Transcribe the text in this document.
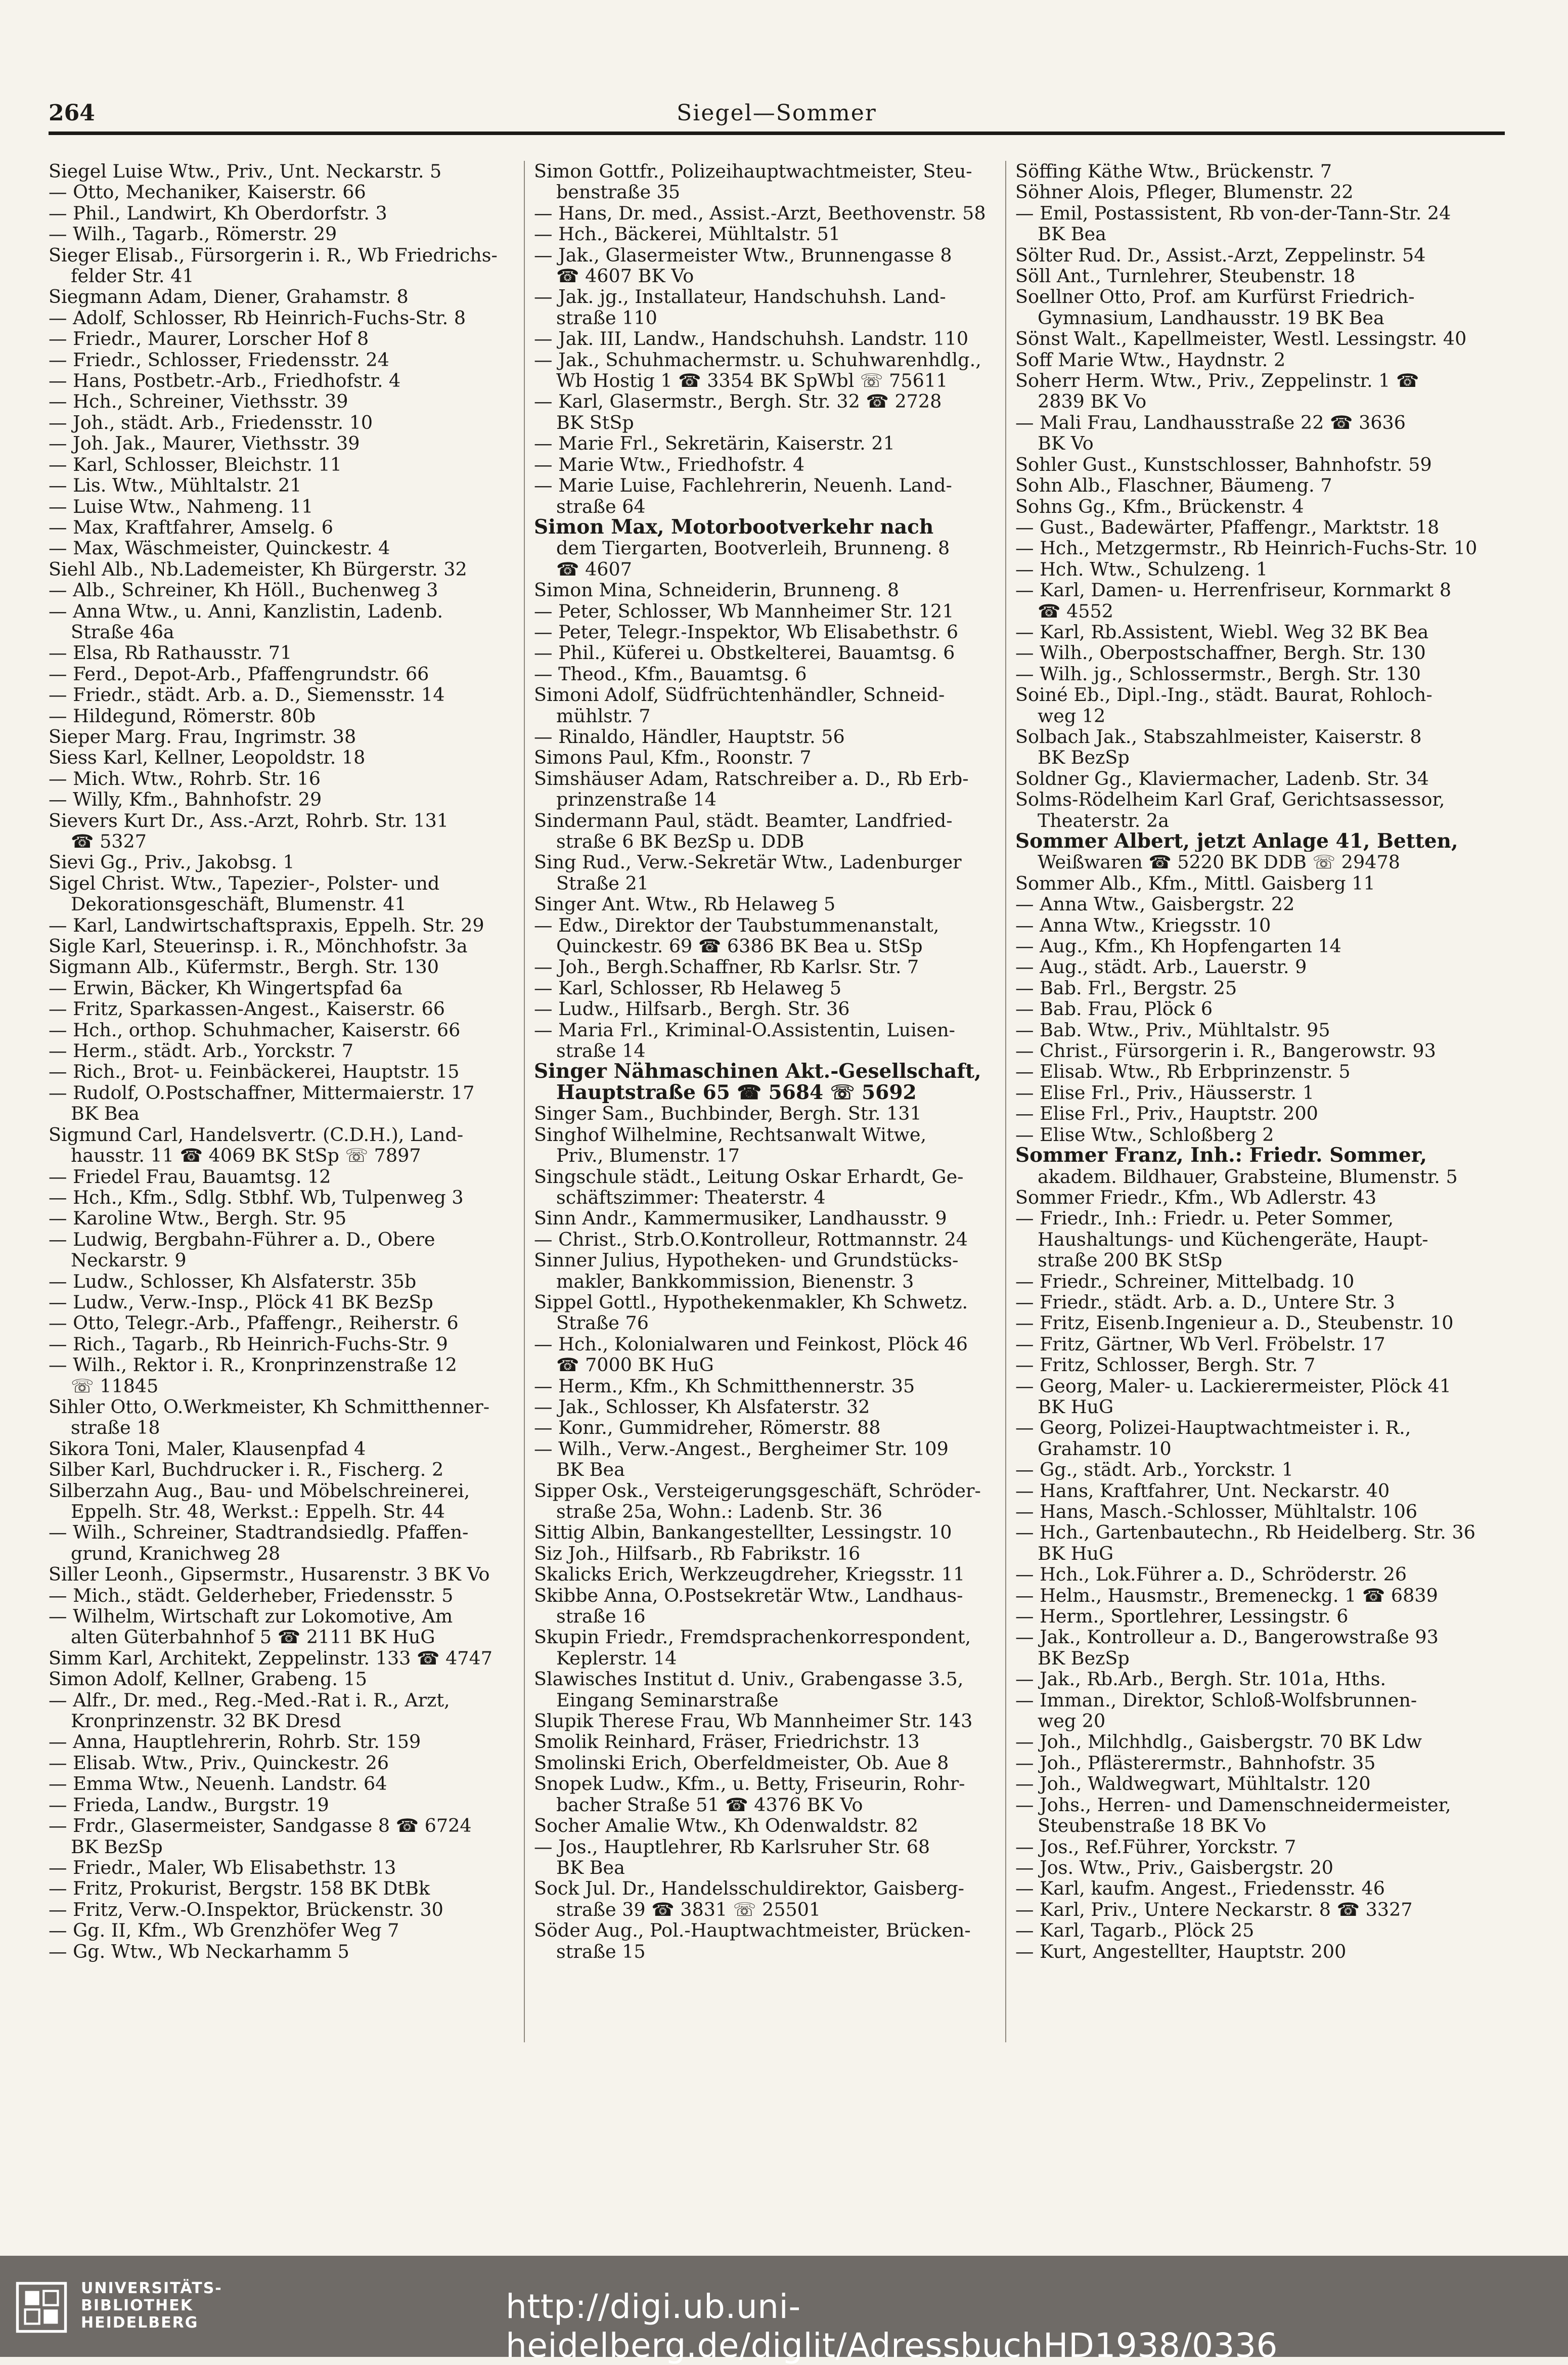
264	Siegel—Sommer
Siegel Luise Wtw., Priv., Unt. Neckarstr. 5
— Otto, Mechaniker, Kaiserstr. 66
— Phil., Landwirt, Kh Oberdorfstr. 3
— Wilh., Tagarb., Römerstr. 29
Sieger Elisab., Fürsorgerin i. R., Wb Friedrichs-
felder Str. 41
Siegmann Adam, Diener, Grahamstr. 8
— Adolf, Schlosser, Rb Heinrich-Fuchs-Str. 8
— Friedr., Maurer, Lorscher Hof 8
— Friedr., Schlosser, Friedensstr. 24
— Hans, Postbetr.-Arb., Friedhofstr. 4
— Hch., Schreiner, Viethsstr. 39
— Joh., städt. Arb., Friedensstr. 10
— Joh. Jak., Maurer, Viethsstr. 39
— Karl, Schlosser, Bleichstr. 11
— Lis. Wtw., Mühltalstr. 21
— Luise Wtw., Nahmeng. 11
— Max, Kraftfahrer, Amselg. 6
— Max, Wäschmeister, Quinckestr. 4
Siehl Alb., Nb.Lademeister, Kh Bürgerstr. 32
— Alb., Schreiner, Kh Höll., Buchenweg 3
— Anna Wtw., u. Anni, Kanzlistin, Ladenb.
Straße 46a
— Elsa, Rb Rathausstr. 71
— Ferd., Depot-Arb., Pfaffengrundstr. 66
— Friedr., städt. Arb. a. D., Siemensstr. 14
— Hildegund, Römerstr. 80b
Sieper Marg. Frau, Ingrimstr. 38
Siess Karl, Kellner, Leopoldstr. 18
— Mich. Wtw., Rohrb. Str. 16
— Willy, Kfm., Bahnhofstr. 29
Sievers Kurt Dr., Ass.-Arzt, Rohrb. Str. 131
☎ 5327
Sievi Gg., Priv., Jakobsg. 1
Sigel Christ. Wtw., Tapezier-, Polster- und
Dekorationsgeschäft, Blumenstr. 41
— Karl, Landwirtschaftspraxis, Eppelh. Str. 29
Sigle Karl, Steuerinsp. i. R., Mönchhofstr. 3a
Sigmann Alb., Küfermstr., Bergh. Str. 130
— Erwin, Bäcker, Kh Wingertspfad 6a
— Fritz, Sparkassen-Angest., Kaiserstr. 66
— Hch., orthop. Schuhmacher, Kaiserstr. 66
— Herm., städt. Arb., Yorckstr. 7
— Rich., Brot- u. Feinbäckerei, Hauptstr. 15
— Rudolf, O.Postschaffner, Mittermaierstr. 17
BK Bea
Sigmund Carl, Handelsvertr. (C.D.H.), Land-
hausstr. 11 ☎ 4069 BK StSp ☏ 7897
— Friedel Frau, Bauamtsg. 12
— Hch., Kfm., Sdlg. Stbhf. Wb, Tulpenweg 3
— Karoline Wtw., Bergh. Str. 95
— Ludwig, Bergbahn-Führer a. D., Obere
Neckarstr. 9
— Ludw., Schlosser, Kh Alsfaterstr. 35b
— Ludw., Verw.-Insp., Plöck 41 BK BezSp
— Otto, Telegr.-Arb., Pfaffengr., Reiherstr. 6
— Rich., Tagarb., Rb Heinrich-Fuchs-Str. 9
— Wilh., Rektor i. R., Kronprinzenstraße 12
☏ 11845
Sihler Otto, O.Werkmeister, Kh Schmitthenner-
straße 18
Sikora Toni, Maler, Klausenpfad 4
Silber Karl, Buchdrucker i. R., Fischerg. 2
Silberzahn Aug., Bau- und Möbelschreinerei,
Eppelh. Str. 48, Werkst.: Eppelh. Str. 44
— Wilh., Schreiner, Stadtrandsiedlg. Pfaffen-
grund, Kranichweg 28
Siller Leonh., Gipsermstr., Husarenstr. 3 BK Vo
— Mich., städt. Gelderheber, Friedensstr. 5
— Wilhelm, Wirtschaft zur Lokomotive, Am
alten Güterbahnhof 5 ☎ 2111 BK HuG
Simm Karl, Architekt, Zeppelinstr. 133 ☎ 4747
Simon Adolf, Kellner, Grabeng. 15
— Alfr., Dr. med., Reg.-Med.-Rat i. R., Arzt,
Kronprinzenstr. 32 BK Dresd
— Anna, Hauptlehrerin, Rohrb. Str. 159
— Elisab. Wtw., Priv., Quinckestr. 26
— Emma Wtw., Neuenh. Landstr. 64
— Frieda, Landw., Burgstr. 19
— Frdr., Glasermeister, Sandgasse 8 ☎ 6724
BK BezSp
— Friedr., Maler, Wb Elisabethstr. 13
— Fritz, Prokurist, Bergstr. 158 BK DtBk
— Fritz, Verw.-O.Inspektor, Brückenstr. 30
— Gg. II, Kfm., Wb Grenzhöfer Weg 7
— Gg. Wtw., Wb Neckarhamm 5
Simon Gottfr., Polizeihauptwachtmeister, Steu-
benstraße 35
— Hans, Dr. med., Assist.-Arzt, Beethovenstr. 58
— Hch., Bäckerei, Mühltalstr. 51
— Jak., Glasermeister Wtw., Brunnengasse 8
☎ 4607 BK Vo
— Jak. jg., Installateur, Handschuhsh. Land-
straße 110
— Jak. III, Landw., Handschuhsh. Landstr. 110
— Jak., Schuhmachermstr. u. Schuhwarenhdlg.,
Wb Hostig 1 ☎ 3354 BK SpWbl ☏ 75611
— Karl, Glasermstr., Bergh. Str. 32 ☎ 2728
BK StSp
— Marie Frl., Sekretärin, Kaiserstr. 21
— Marie Wtw., Friedhofstr. 4
— Marie Luise, Fachlehrerin, Neuenh. Land-
straße 64
Simon Max, Motorbootverkehr nach
dem Tiergarten, Bootverleih, Brunneng. 8
☎ 4607
Simon Mina, Schneiderin, Brunneng. 8
— Peter, Schlosser, Wb Mannheimer Str. 121
— Peter, Telegr.-Inspektor, Wb Elisabethstr. 6
— Phil., Küferei u. Obstkelterei, Bauamtsg. 6
— Theod., Kfm., Bauamtsg. 6
Simoni Adolf, Südfrüchtenhändler, Schneid-
mühlstr. 7
— Rinaldo, Händler, Hauptstr. 56
Simons Paul, Kfm., Roonstr. 7
Simshäuser Adam, Ratschreiber a. D., Rb Erb-
prinzenstraße 14
Sindermann Paul, städt. Beamter, Landfried-
straße 6 BK BezSp u. DDB
Sing Rud., Verw.-Sekretär Wtw., Ladenburger
Straße 21
Singer Ant. Wtw., Rb Helaweg 5
— Edw., Direktor der Taubstummenanstalt,
Quinckestr. 69 ☎ 6386 BK Bea u. StSp
— Joh., Bergh.Schaffner, Rb Karlsr. Str. 7
— Karl, Schlosser, Rb Helaweg 5
— Ludw., Hilfsarb., Bergh. Str. 36
— Maria Frl., Kriminal-O.Assistentin, Luisen-
straße 14
Singer Nähmaschinen Akt.-Gesellschaft,
Hauptstraße 65 ☎ 5684 ☏ 5692
Singer Sam., Buchbinder, Bergh. Str. 131
Singhof Wilhelmine, Rechtsanwalt Witwe,
Priv., Blumenstr. 17
Singschule städt., Leitung Oskar Erhardt, Ge-
schäftszimmer: Theaterstr. 4
Sinn Andr., Kammermusiker, Landhausstr. 9
— Christ., Strb.O.Kontrolleur, Rottmannstr. 24
Sinner Julius, Hypotheken- und Grundstücks-
makler, Bankkommission, Bienenstr. 3
Sippel Gottl., Hypothekenmakler, Kh Schwetz.
Straße 76
— Hch., Kolonialwaren und Feinkost, Plöck 46
☎ 7000 BK HuG
— Herm., Kfm., Kh Schmitthennerstr. 35
— Jak., Schlosser, Kh Alsfaterstr. 32
— Konr., Gummidreher, Römerstr. 88
— Wilh., Verw.-Angest., Bergheimer Str. 109
BK Bea
Sipper Osk., Versteigerungsgeschäft, Schröder-
straße 25a, Wohn.: Ladenb. Str. 36
Sittig Albin, Bankangestellter, Lessingstr. 10
Siz Joh., Hilfsarb., Rb Fabrikstr. 16
Skalicks Erich, Werkzeugdreher, Kriegsstr. 11
Skibbe Anna, O.Postsekretär Wtw., Landhaus-
straße 16
Skupin Friedr., Fremdsprachenkorrespondent,
Keplerstr. 14
Slawisches Institut d. Univ., Grabengasse 3.5,
Eingang Seminarstraße
Slupik Therese Frau, Wb Mannheimer Str. 143
Smolik Reinhard, Fräser, Friedrichstr. 13
Smolinski Erich, Oberfeldmeister, Ob. Aue 8
Snopek Ludw., Kfm., u. Betty, Friseurin, Rohr-
bacher Straße 51 ☎ 4376 BK Vo
Socher Amalie Wtw., Kh Odenwaldstr. 82
— Jos., Hauptlehrer, Rb Karlsruher Str. 68
BK Bea
Sock Jul. Dr., Handelsschuldirektor, Gaisberg-
straße 39 ☎ 3831 ☏ 25501
Söder Aug., Pol.-Hauptwachtmeister, Brücken-
straße 15
Söffing Käthe Wtw., Brückenstr. 7
Söhner Alois, Pfleger, Blumenstr. 22
— Emil, Postassistent, Rb von-der-Tann-Str. 24
BK Bea
Sölter Rud. Dr., Assist.-Arzt, Zeppelinstr. 54
Söll Ant., Turnlehrer, Steubenstr. 18
Soellner Otto, Prof. am Kurfürst Friedrich-
Gymnasium, Landhausstr. 19 BK Bea
Sönst Walt., Kapellmeister, Westl. Lessingstr. 40
Soff Marie Wtw., Haydnstr. 2
Soherr Herm. Wtw., Priv., Zeppelinstr. 1 ☎
2839 BK Vo
— Mali Frau, Landhausstraße 22 ☎ 3636
BK Vo
Sohler Gust., Kunstschlosser, Bahnhofstr. 59
Sohn Alb., Flaschner, Bäumeng. 7
Sohns Gg., Kfm., Brückenstr. 4
— Gust., Badewärter, Pfaffengr., Marktstr. 18
— Hch., Metzgermstr., Rb Heinrich-Fuchs-Str. 10
— Hch. Wtw., Schulzeng. 1
— Karl, Damen- u. Herrenfriseur, Kornmarkt 8
☎ 4552
— Karl, Rb.Assistent, Wiebl. Weg 32 BK Bea
— Wilh., Oberpostschaffner, Bergh. Str. 130
— Wilh. jg., Schlossermstr., Bergh. Str. 130
Soiné Eb., Dipl.-Ing., städt. Baurat, Rohloch-
weg 12
Solbach Jak., Stabszahlmeister, Kaiserstr. 8
BK BezSp
Soldner Gg., Klaviermacher, Ladenb. Str. 34
Solms-Rödelheim Karl Graf, Gerichtsassessor,
Theaterstr. 2a
Sommer Albert, jetzt Anlage 41, Betten,
Weißwaren ☎ 5220 BK DDB ☏ 29478
Sommer Alb., Kfm., Mittl. Gaisberg 11
— Anna Wtw., Gaisbergstr. 22
— Anna Wtw., Kriegsstr. 10
— Aug., Kfm., Kh Hopfengarten 14
— Aug., städt. Arb., Lauerstr. 9
— Bab. Frl., Bergstr. 25
— Bab. Frau, Plöck 6
— Bab. Wtw., Priv., Mühltalstr. 95
— Christ., Fürsorgerin i. R., Bangerowstr. 93
— Elisab. Wtw., Rb Erbprinzenstr. 5
— Elise Frl., Priv., Häusserstr. 1
— Elise Frl., Priv., Hauptstr. 200
— Elise Wtw., Schloßberg 2
Sommer Franz, Inh.: Friedr. Sommer,
akadem. Bildhauer, Grabsteine, Blumenstr. 5
Sommer Friedr., Kfm., Wb Adlerstr. 43
— Friedr., Inh.: Friedr. u. Peter Sommer,
Haushaltungs- und Küchengeräte, Haupt-
straße 200 BK StSp
— Friedr., Schreiner, Mittelbadg. 10
— Friedr., städt. Arb. a. D., Untere Str. 3
— Fritz, Eisenb.Ingenieur a. D., Steubenstr. 10
— Fritz, Gärtner, Wb Verl. Fröbelstr. 17
— Fritz, Schlosser, Bergh. Str. 7
— Georg, Maler- u. Lackierermeister, Plöck 41
BK HuG
— Georg, Polizei-Hauptwachtmeister i. R.,
Grahamstr. 10
— Gg., städt. Arb., Yorckstr. 1
— Hans, Kraftfahrer, Unt. Neckarstr. 40
— Hans, Masch.-Schlosser, Mühltalstr. 106
— Hch., Gartenbautechn., Rb Heidelberg. Str. 36
BK HuG
— Hch., Lok.Führer a. D., Schröderstr. 26
— Helm., Hausmstr., Bremeneckg. 1 ☎ 6839
— Herm., Sportlehrer, Lessingstr. 6
— Jak., Kontrolleur a. D., Bangerowstraße 93
BK BezSp
— Jak., Rb.Arb., Bergh. Str. 101a, Hths.
— Imman., Direktor, Schloß-Wolfsbrunnen-
weg 20
— Joh., Milchhdlg., Gaisbergstr. 70 BK Ldw
— Joh., Pflästerermstr., Bahnhofstr. 35
— Joh., Waldwegwart, Mühltalstr. 120
— Johs., Herren- und Damenschneidermeister,
Steubenstraße 18 BK Vo
— Jos., Ref.Führer, Yorckstr. 7
— Jos. Wtw., Priv., Gaisbergstr. 20
— Karl, kaufm. Angest., Friedensstr. 46
— Karl, Priv., Untere Neckarstr. 8 ☎ 3327
— Karl, Tagarb., Plöck 25
— Kurt, Angestellter, Hauptstr. 200
UNIVERSITÄTS-
BIBLIOTHEK
HEIDELBERG	http://digi.ub.uni-heidelberg.de/diglit/AdressbuchHD1938/0336
